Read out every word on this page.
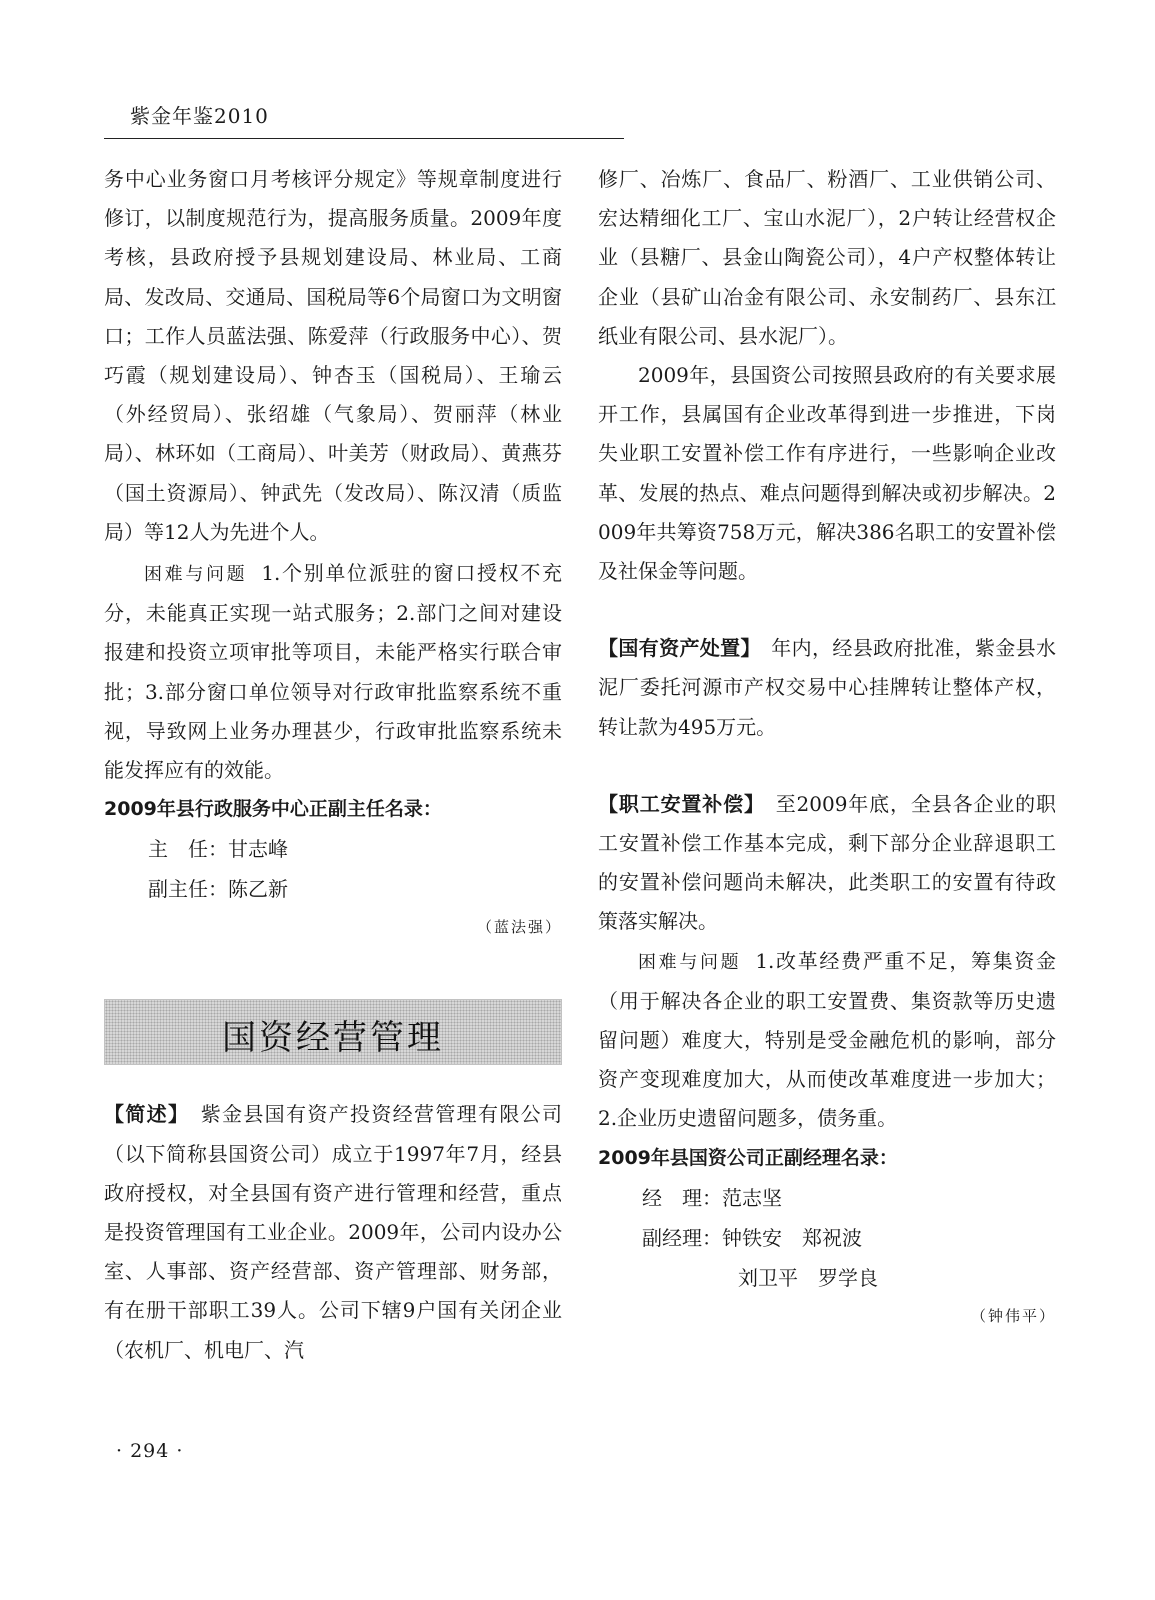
紫金年鉴2010

务中心业务窗口月考核评分规定》等规章制度进行修订，以制度规范行为，提高服务质量。2009年度考核，县政府授予县规划建设局、林业局、工商局、发改局、交通局、国税局等6个局窗口为文明窗口；工作人员蓝法强、陈爱萍（行政服务中心）、贺巧霞（规划建设局）、钟杏玉（国税局）、王瑜云（外经贸局）、张绍雄（气象局）、贺丽萍（林业局）、林环如（工商局）、叶美芳（财政局）、黄燕芬（国土资源局）、钟武先（发改局）、陈汉清（质监局）等12人为先进个人。

困难与问题 1.个别单位派驻的窗口授权不充分，未能真正实现一站式服务；2.部门之间对建设报建和投资立项审批等项目，未能严格实行联合审批；3.部分窗口单位领导对行政审批监察系统不重视，导致网上业务办理甚少，行政审批监察系统未能发挥应有的效能。

2009年县行政服务中心正副主任名录：

主　任：甘志峰
副主任：陈乙新
（蓝法强）
国资经营管理

【简述】　 紫金县国有资产投资经营管理有限公司（以下简称县国资公司）成立于1997年7月，经县政府授权，对全县国有资产进行管理和经营，重点是投资管理国有工业企业。2009年，公司内设办公室、人事部、资产经营部、资产管理部、财务部，有在册干部职工39人。公司下辖9户国有关闭企业（农机厂、机电厂、汽

修厂、冶炼厂、食品厂、粉酒厂、工业供销公司、宏达精细化工厂、宝山水泥厂），2户转让经营权企业（县糖厂、县金山陶瓷公司），4户产权整体转让企业（县矿山冶金有限公司、永安制药厂、县东江纸业有限公司、县水泥厂）。

2009年，县国资公司按照县政府的有关要求展开工作，县属国有企业改革得到进一步推进，下岗失业职工安置补偿工作有序进行，一些影响企业改革、发展的热点、难点问题得到解决或初步解决。2009年共筹资758万元，解决386名职工的安置补偿及社保金等问题。

【国有资产处置】　 年内，经县政府批准，紫金县水泥厂委托河源市产权交易中心挂牌转让整体产权，转让款为495万元。

【职工安置补偿】　 至2009年底，全县各企业的职工安置补偿工作基本完成，剩下部分企业辞退职工的安置补偿问题尚未解决，此类职工的安置有待政策落实解决。

困难与问题 1.改革经费严重不足，筹集资金（用于解决各企业的职工安置费、集资款等历史遗留问题）难度大，特别是受金融危机的影响，部分资产变现难度加大，从而使改革难度进一步加大；2.企业历史遗留问题多，债务重。

2009年县国资公司正副经理名录：

经　理：范志坚
副经理：钟铁安　郑祝波
刘卫平　罗学良
（钟伟平）
· 294 ·
